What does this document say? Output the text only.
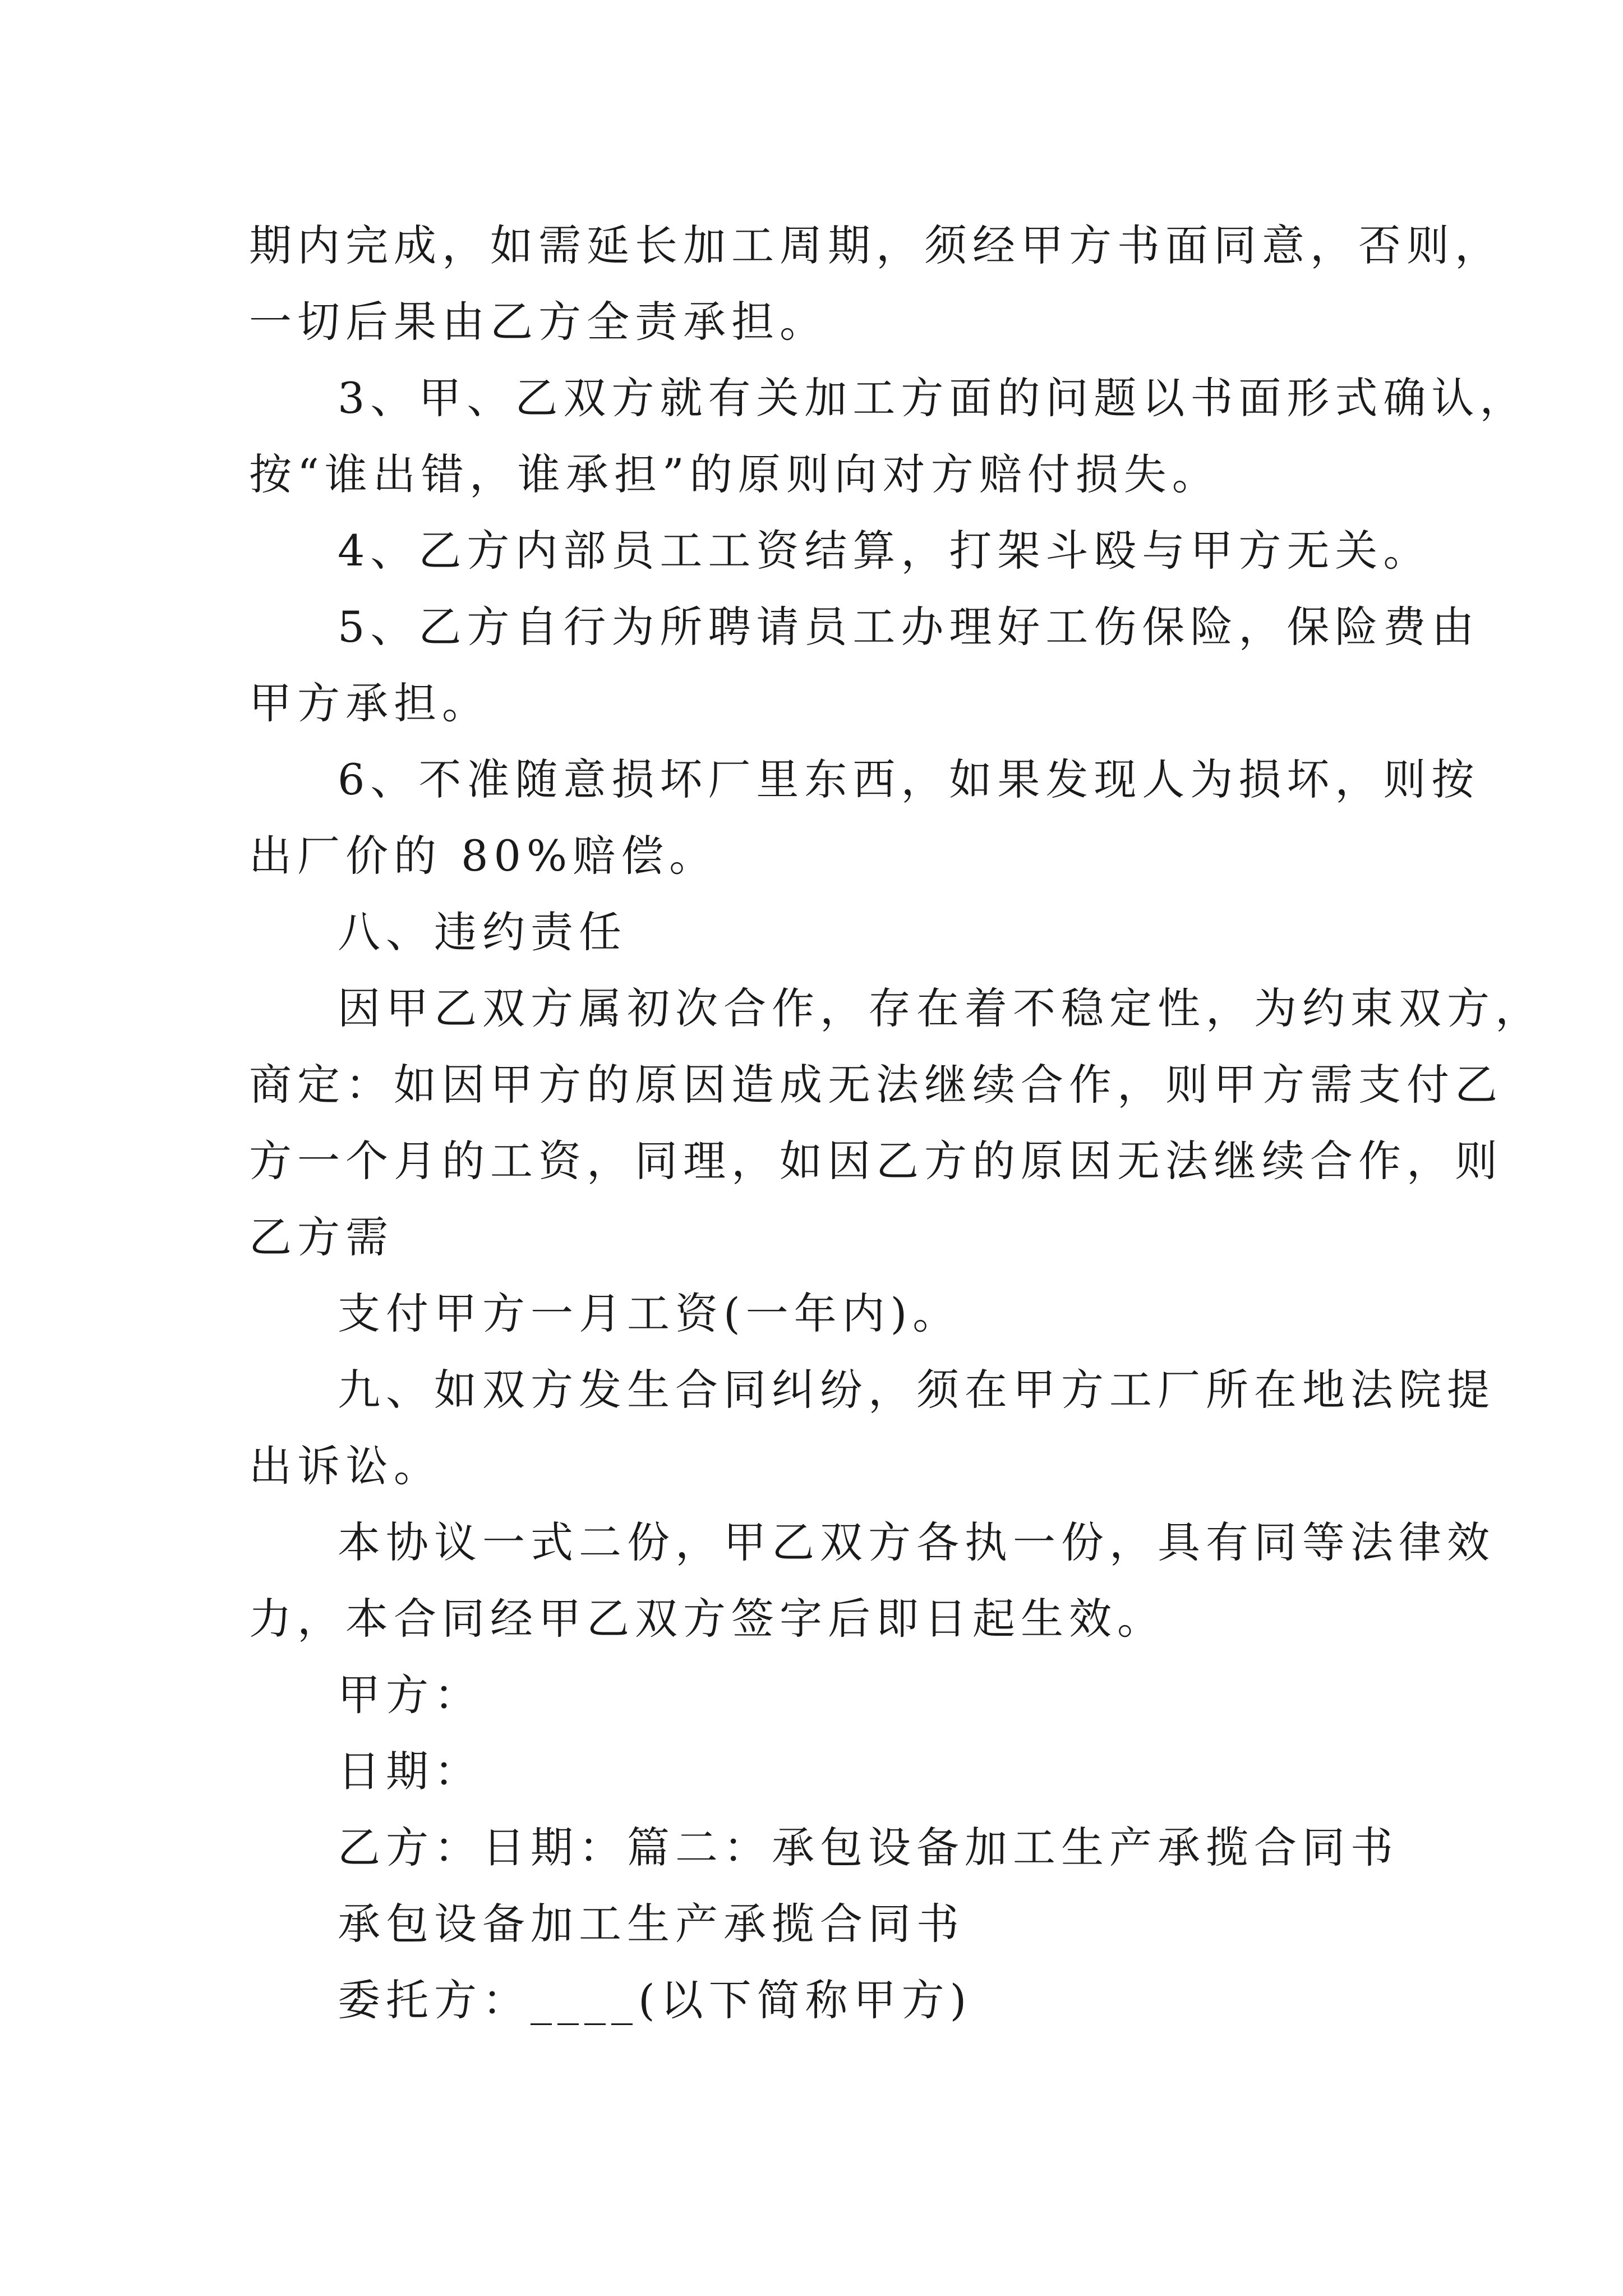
期内完成，如需延长加工周期，须经甲方书面同意，否则，
一切后果由乙方全责承担。
3、甲、乙双方就有关加工方面的问题以书面形式确认，
按“谁出错，谁承担”的原则向对方赔付损失。
4、乙方内部员工工资结算，打架斗殴与甲方无关。
5、乙方自行为所聘请员工办理好工伤保险，保险费由
甲方承担。
6、不准随意损坏厂里东西，如果发现人为损坏，则按
出厂价的 80%赔偿。
八、违约责任
因甲乙双方属初次合作，存在着不稳定性，为约束双方，
商定：如因甲方的原因造成无法继续合作，则甲方需支付乙
方一个月的工资，同理，如因乙方的原因无法继续合作，则
乙方需
支付甲方一月工资(一年内)。
九、如双方发生合同纠纷，须在甲方工厂所在地法院提
出诉讼。
本协议一式二份，甲乙双方各执一份，具有同等法律效
力，本合同经甲乙双方签字后即日起生效。
甲方：
日期：
乙方：日期：篇二：承包设备加工生产承揽合同书
承包设备加工生产承揽合同书
委托方：____(以下简称甲方)
